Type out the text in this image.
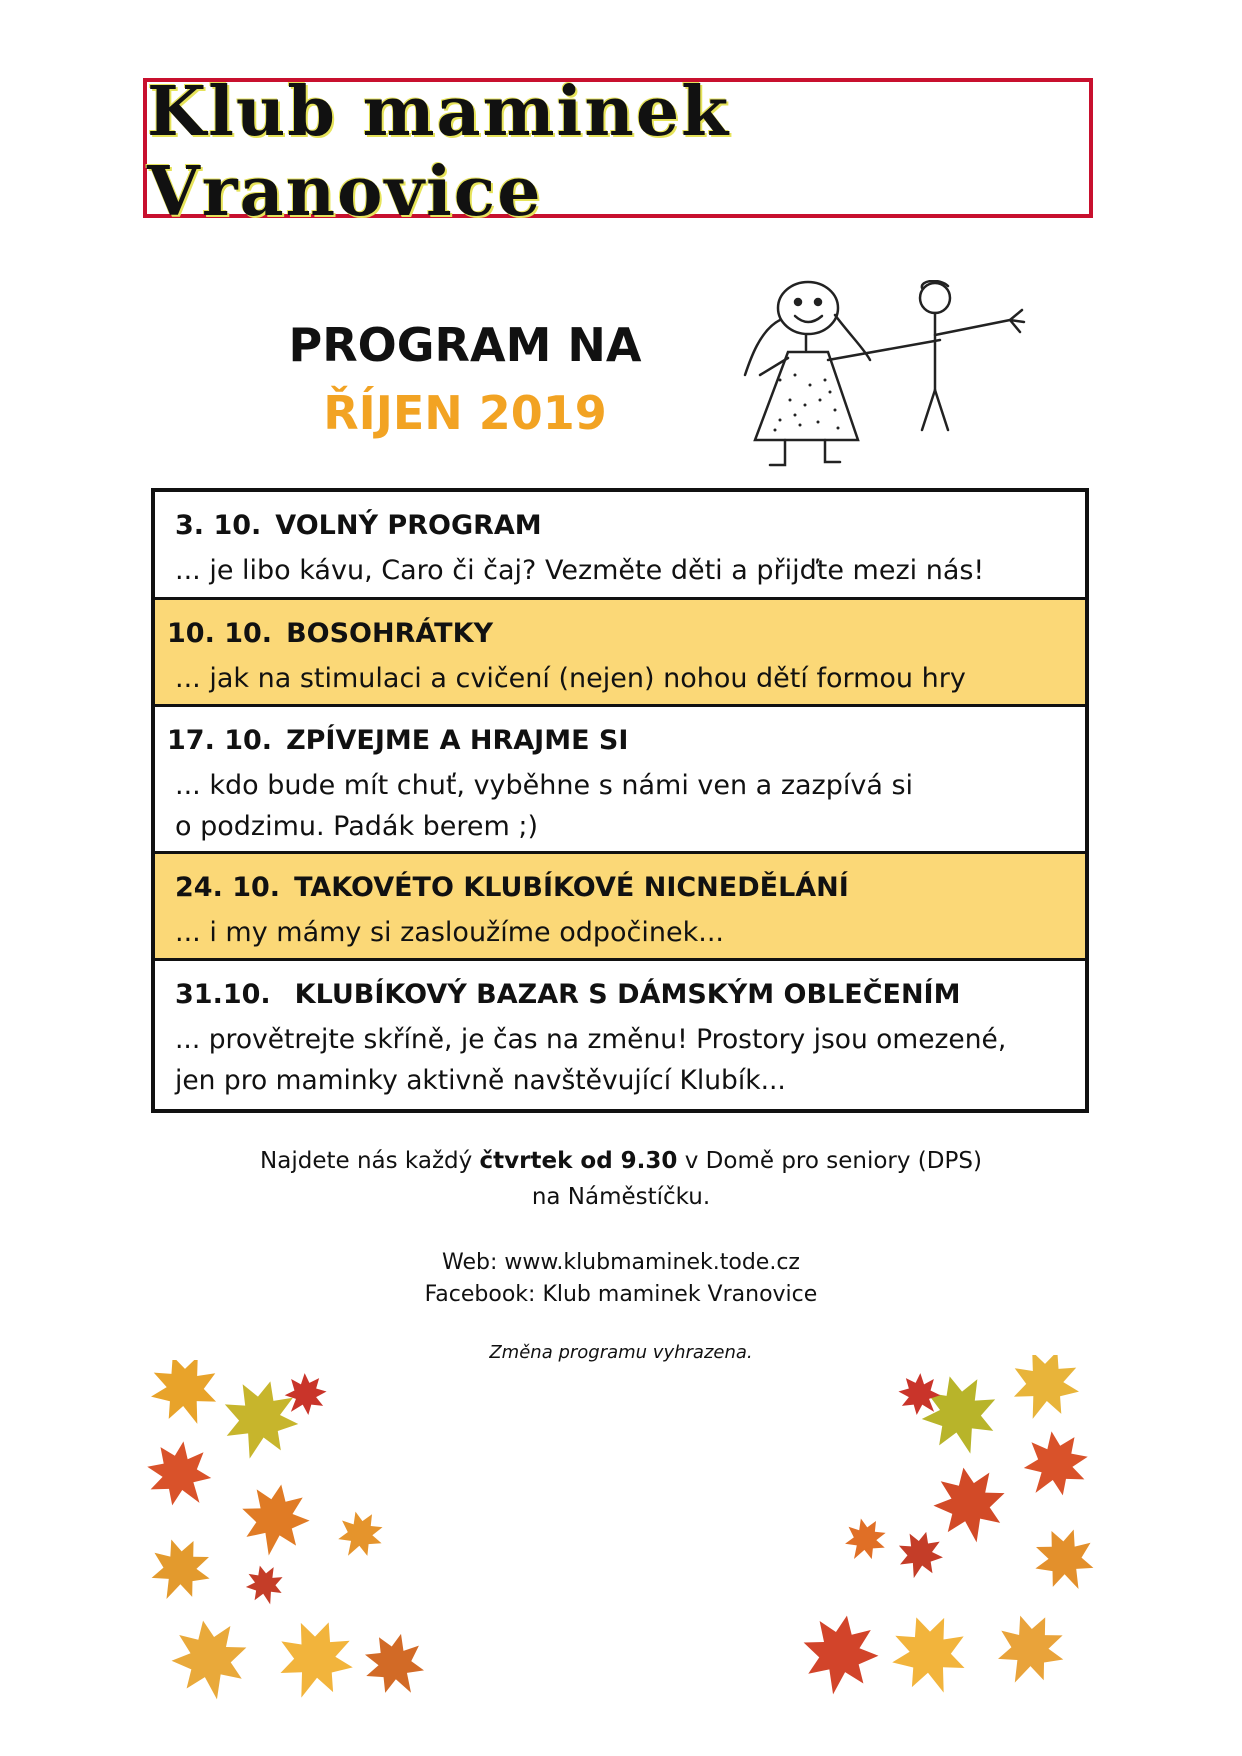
Klub maminek Vranovice
PROGRAM NA
ŘÍJEN 2019
3. 10. VOLNÝ PROGRAM
... je libo kávu, Caro či čaj? Vezměte děti a přijďte mezi nás!
10. 10. BOSOHRÁTKY
... jak na stimulaci a cvičení (nejen) nohou dětí formou hry
17. 10. ZPÍVEJME A HRAJME SI
... kdo bude mít chuť, vyběhne s námi ven a zazpívá si
o podzimu. Padák berem ;)
24. 10. TAKOVÉTO KLUBÍKOVÉ NICNEDĚLÁNÍ
... i my mámy si zasloužíme odpočinek...
31.10. KLUBÍKOVÝ BAZAR S DÁMSKÝM OBLEČENÍM
... provětrejte skříně, je čas na změnu! Prostory jsou omezené,
jen pro maminky aktivně navštěvující Klubík...
Najdete nás každý čtvrtek od 9.30 v Domě pro seniory (DPS)
na Náměstíčku.
Web: www.klubmaminek.tode.cz
Facebook: Klub maminek Vranovice
Změna programu vyhrazena.
